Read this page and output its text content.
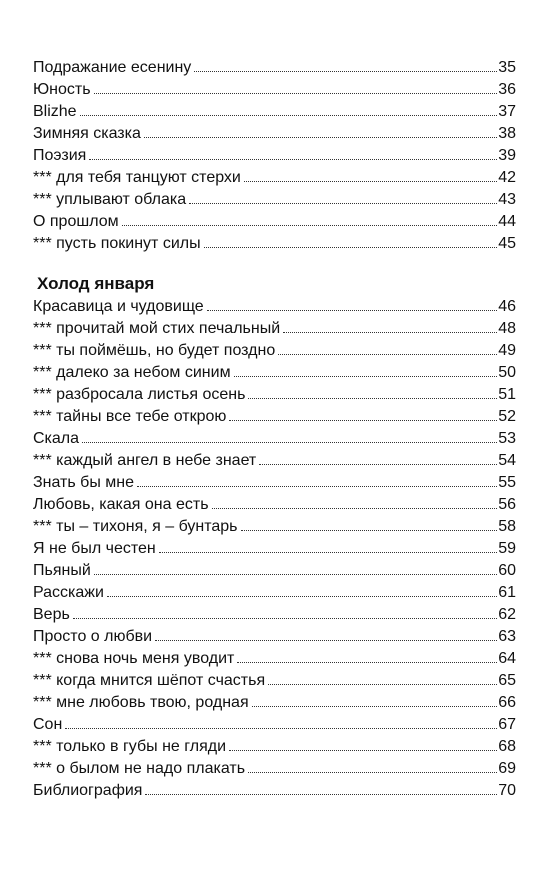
Подражание есенину	35
Юность	36
Blizhe	37
Зимняя сказка	38
Поэзия	39
*** для тебя танцуют стерхи	42
*** уплывают облака	43
О прошлом	44
*** пусть покинут силы	45
Холод января
Красавица и чудовище	46
*** прочитай мой стих печальный	48
*** ты поймёшь, но будет поздно	49
*** далеко за небом синим	50
*** разбросала листья осень	51
*** тайны все тебе открою	52
Скала	53
*** каждый ангел в небе знает	54
Знать бы мне	55
Любовь, какая она есть	56
*** ты – тихоня, я – бунтарь	58
Я не был честен	59
Пьяный	60
Расскажи	61
Верь	62
Просто о любви	63
*** снова ночь меня уводит	64
*** когда мнится шёпот счастья	65
*** мне любовь твою, родная	66
Сон	67
*** только в губы не гляди	68
*** о былом не надо плакать	69
Библиография	70
